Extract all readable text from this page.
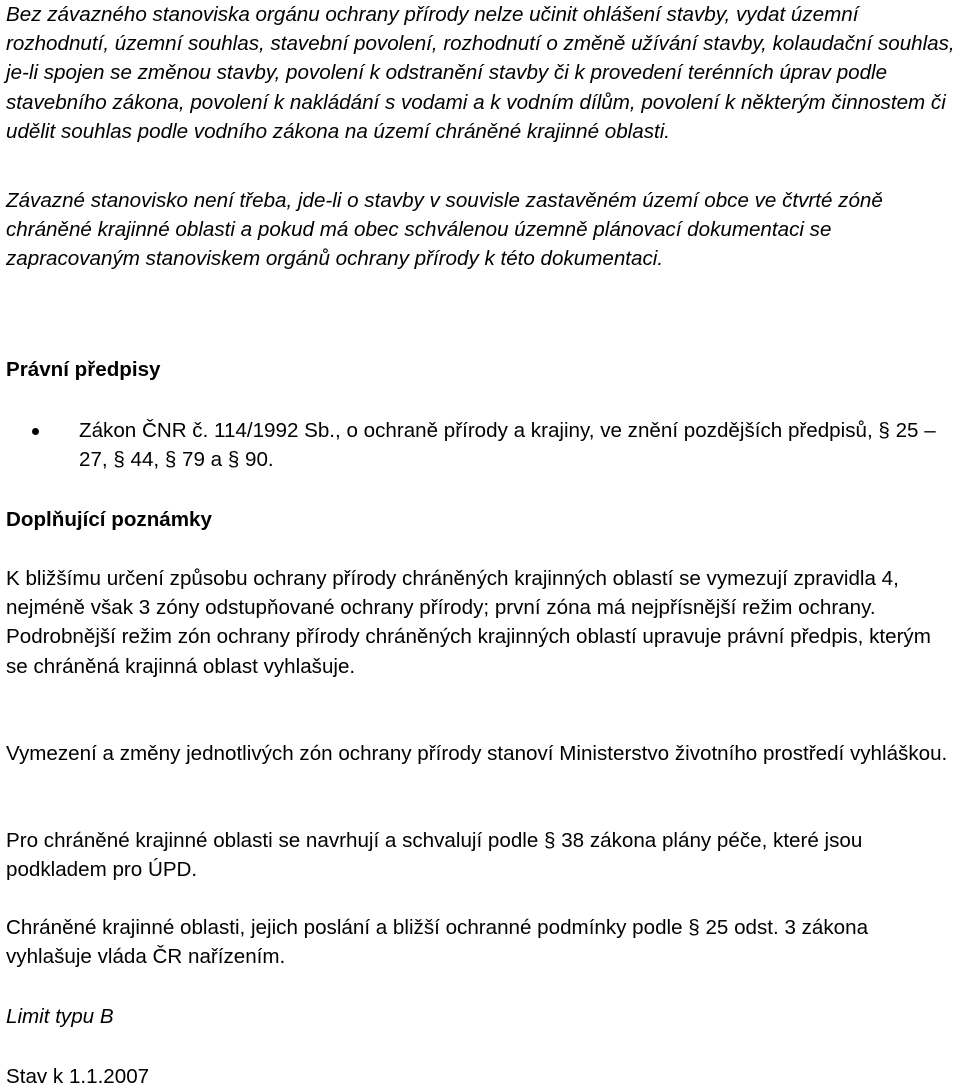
Bez závazného stanoviska orgánu ochrany přírody nelze učinit ohlášení stavby, vydat územní rozhodnutí, územní souhlas, stavební povolení, rozhodnutí o změně užívání stavby, kolaudační souhlas, je-li spojen se změnou stavby, povolení k odstranění stavby či k provedení terénních úprav podle stavebního zákona, povolení k nakládání s vodami a k vodním dílům, povolení k některým činnostem či udělit souhlas podle vodního zákona na území chráněné krajinné oblasti.

Závazné stanovisko není třeba, jde-li o stavby v souvisle zastavěném území obce ve čtvrté zóně chráněné krajinné oblasti a pokud má obec schválenou územně plánovací dokumentaci se zapracovaným stanoviskem orgánů ochrany přírody k této dokumentaci.

Právní předpisy
Zákon ČNR č. 114/1992 Sb., o ochraně přírody a krajiny, ve znění pozdějších předpisů, § 25 – 27, § 44, § 79 a § 90.
Doplňující poznámky

K bližšímu určení způsobu ochrany přírody chráněných krajinných oblastí se vymezují zpravidla 4, nejméně však 3 zóny odstupňované ochrany přírody; první zóna má nejpřísnější režim ochrany. Podrobnější režim zón ochrany přírody chráněných krajinných oblastí upravuje právní předpis, kterým se chráněná krajinná oblast vyhlašuje.

Vymezení a změny jednotlivých zón ochrany přírody stanoví Ministerstvo životního prostředí vyhláškou.

Pro chráněné krajinné oblasti se navrhují a schvalují podle § 38 zákona plány péče, které jsou podkladem pro ÚPD.

Chráněné krajinné oblasti, jejich poslání a bližší ochranné podmínky podle § 25 odst. 3 zákona vyhlašuje vláda ČR nařízením.

Limit typu B

Stav k 1.1.2007
